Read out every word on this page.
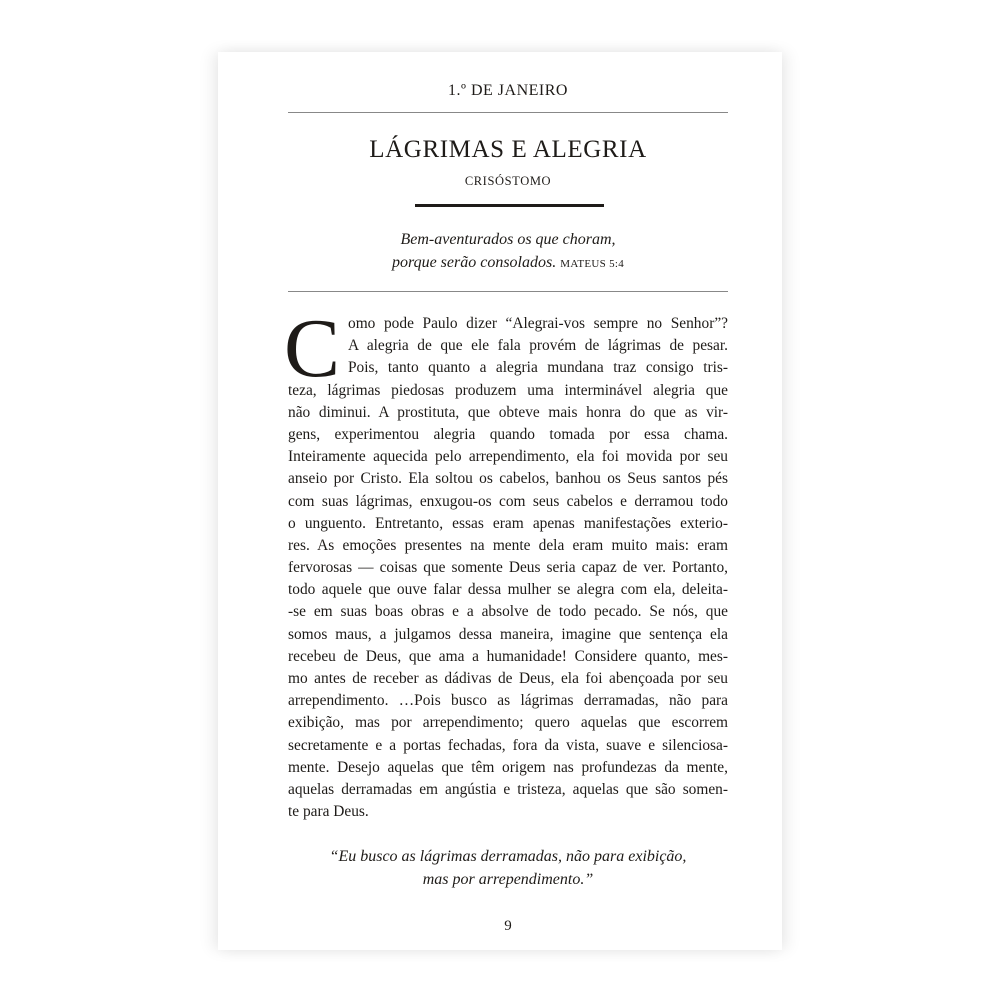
1.º DE JANEIRO
LÁGRIMAS E ALEGRIA
CRISÓSTOMO
Bem-aventurados os que choram,
porque serão consolados. MATEUS 5:4
C omo pode Paulo dizer “Alegrai-vos sempre no Senhor”?
A alegria de que ele fala provém de lágrimas de pesar.
Pois, tanto quanto a alegria mundana traz consigo tris-
teza, lágrimas piedosas produzem uma interminável alegria que
não diminui. A prostituta, que obteve mais honra do que as vir-
gens, experimentou alegria quando tomada por essa chama.
Inteiramente aquecida pelo arrependimento, ela foi movida por seu
anseio por Cristo. Ela soltou os cabelos, banhou os Seus santos pés
com suas lágrimas, enxugou-os com seus cabelos e derramou todo
o unguento. Entretanto, essas eram apenas manifestações exterio-
res. As emoções presentes na mente dela eram muito mais: eram
fervorosas — coisas que somente Deus seria capaz de ver. Portanto,
todo aquele que ouve falar dessa mulher se alegra com ela, deleita-
-se em suas boas obras e a absolve de todo pecado. Se nós, que
somos maus, a julgamos dessa maneira, imagine que sentença ela
recebeu de Deus, que ama a humanidade! Considere quanto, mes-
mo antes de receber as dádivas de Deus, ela foi abençoada por seu
arrependimento. …Pois busco as lágrimas derramadas, não para
exibição, mas por arrependimento; quero aquelas que escorrem
secretamente e a portas fechadas, fora da vista, suave e silenciosa-
mente. Desejo aquelas que têm origem nas profundezas da mente,
aquelas derramadas em angústia e tristeza, aquelas que são somen-
te para Deus.
“Eu busco as lágrimas derramadas, não para exibição,
mas por arrependimento.”
9
